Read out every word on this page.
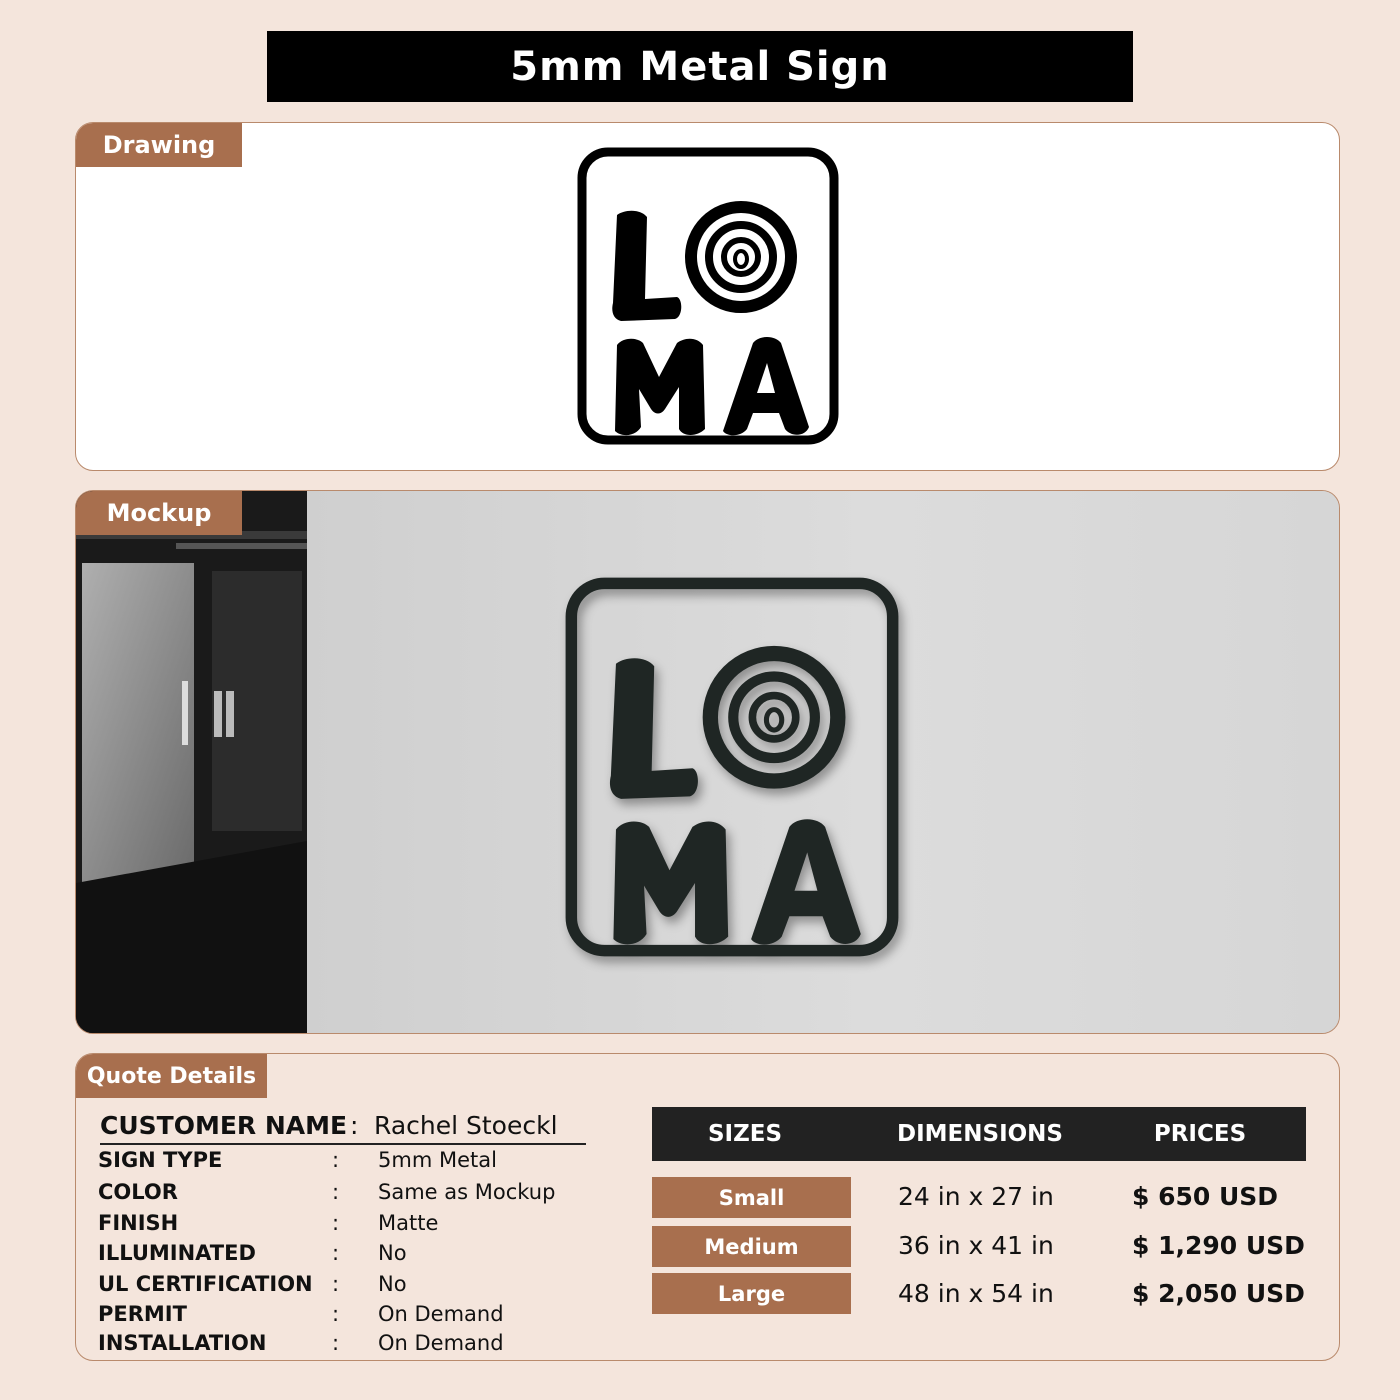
5mm Metal Sign
Drawing
Mockup
Quote Details
CUSTOMER NAME : Rachel Stoeckl
SIGN TYPE	:	5mm Metal
COLOR	:	Same as Mockup
FINISH	:	Matte
ILLUMINATED	:	No
UL CERTIFICATION :	No
PERMIT	:	On Demand
INSTALLATION	:	On Demand
SIZES	DIMENSIONS	PRICES
Small	24 in x 27 in	$ 650 USD
Medium	36 in x 41 in	$ 1,290 USD
Large	48 in x 54 in	$ 2,050 USD
